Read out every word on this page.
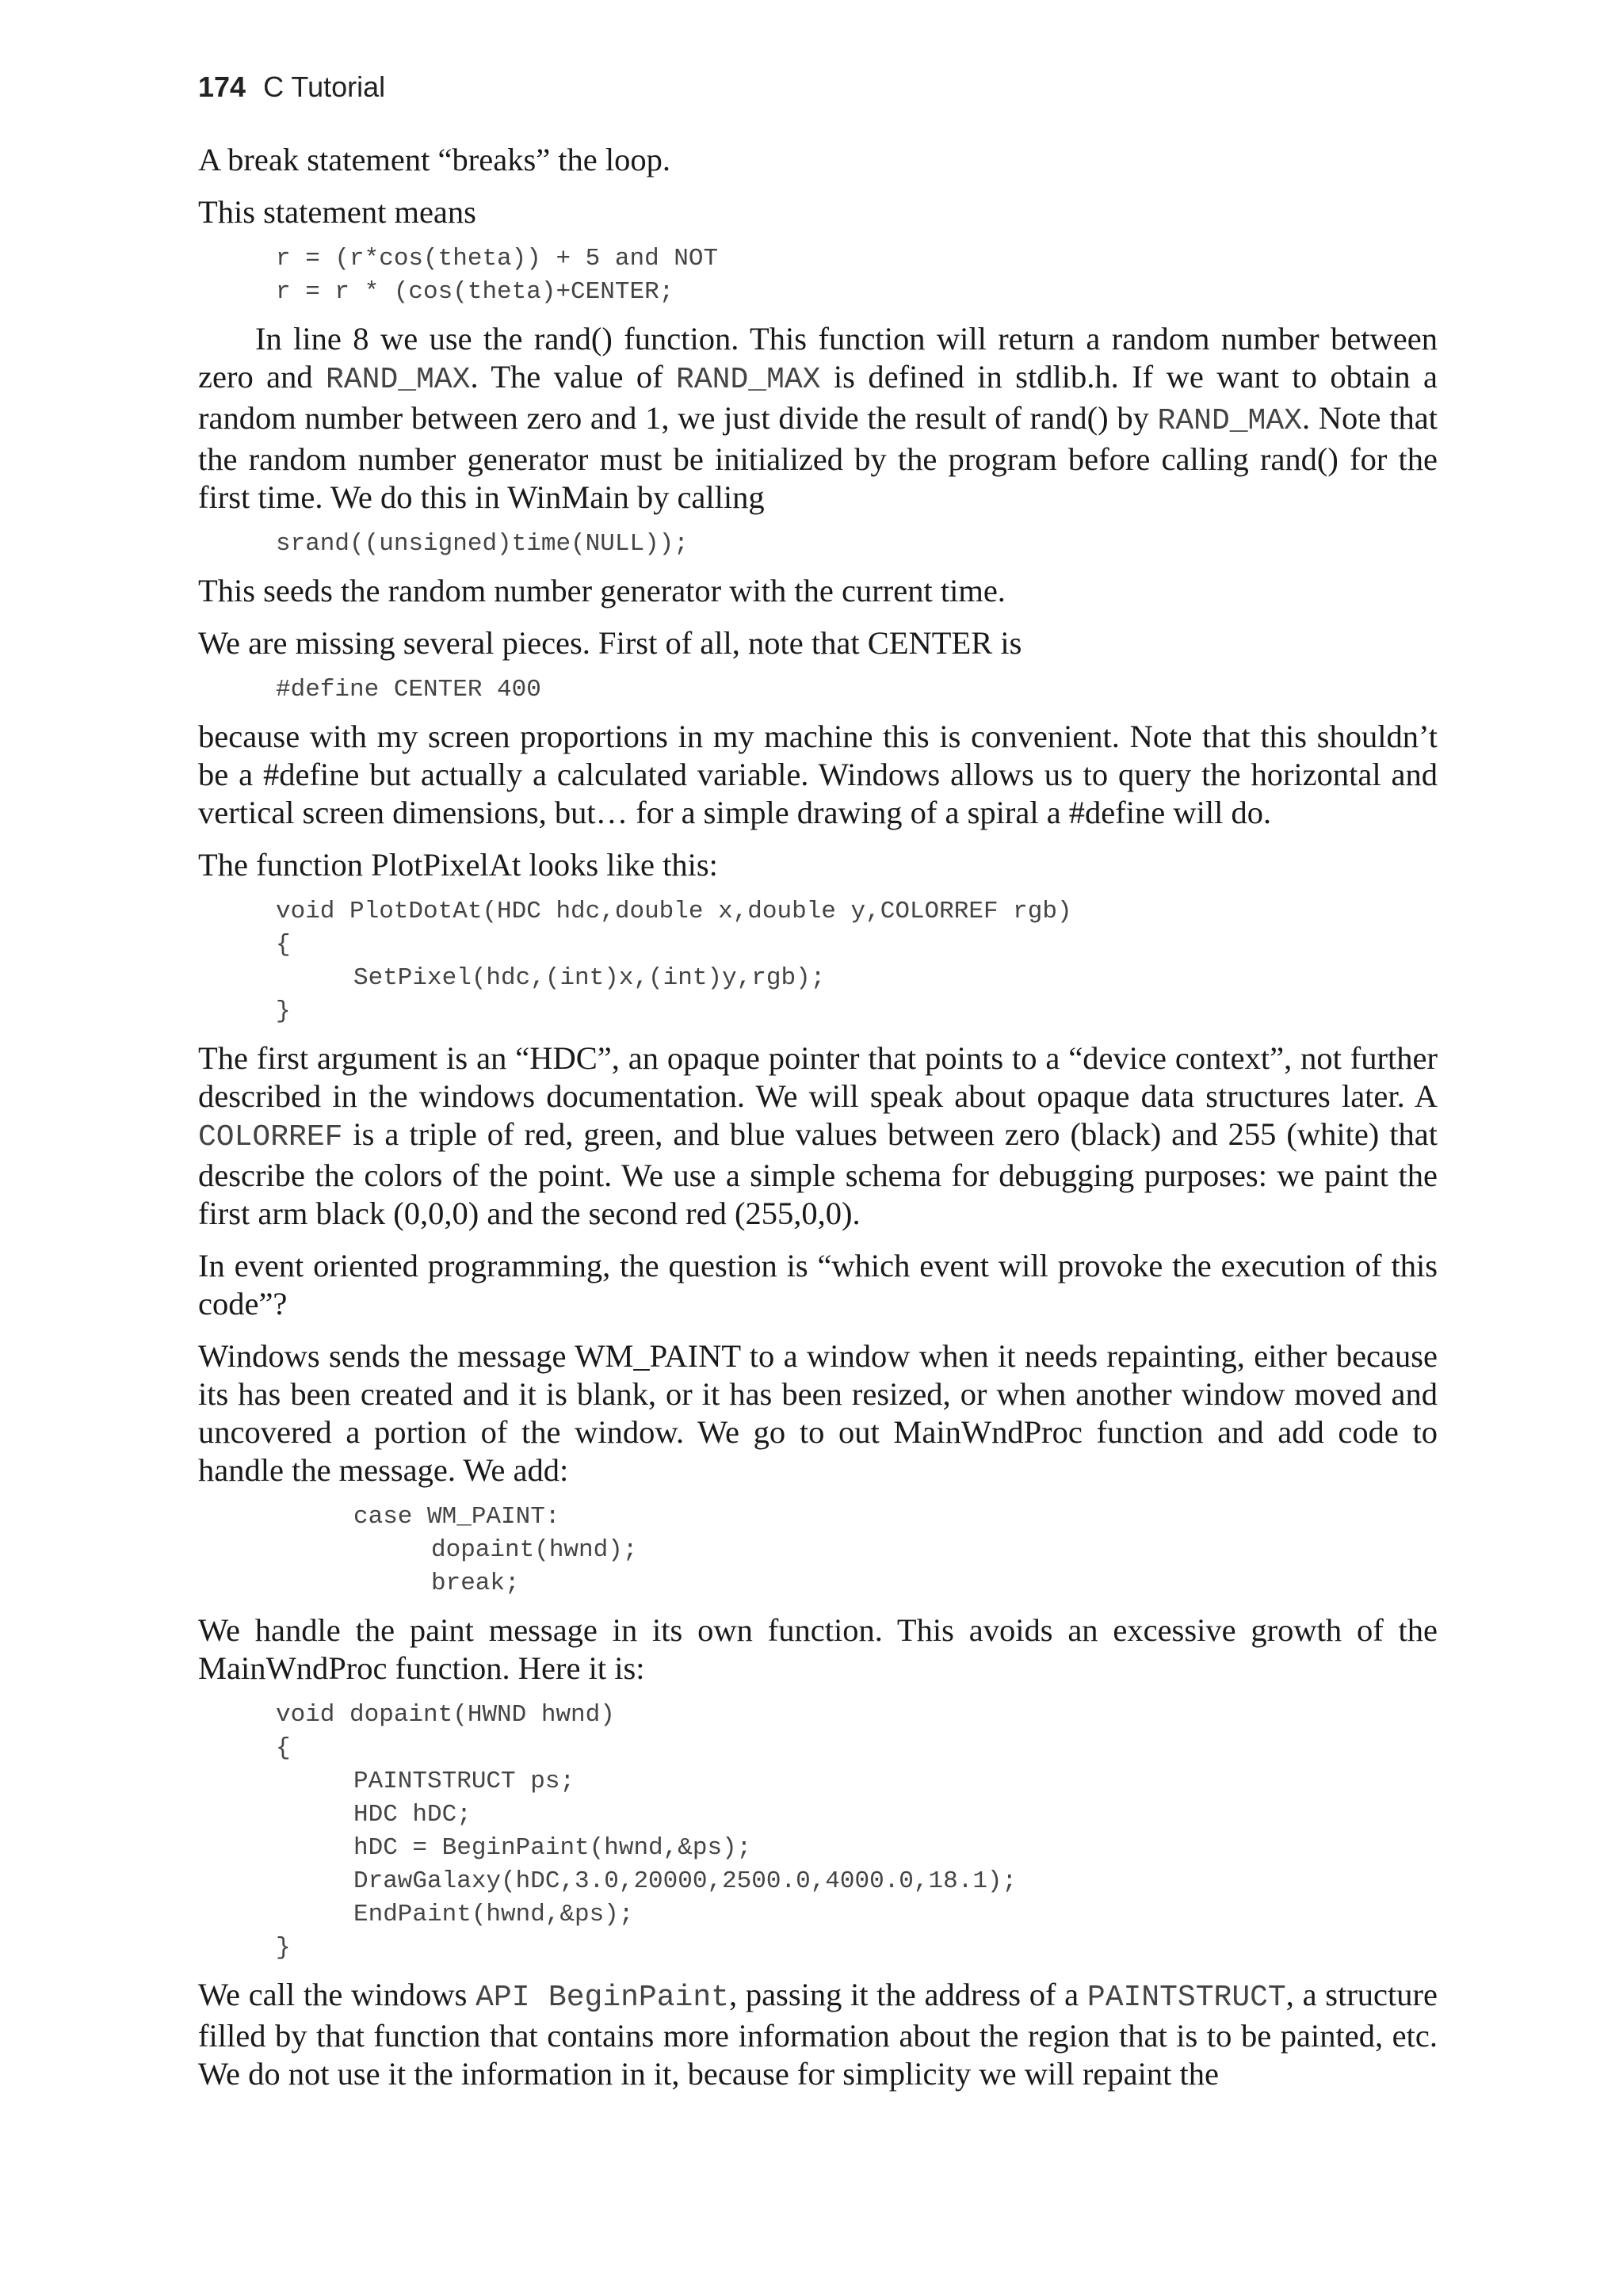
174 C Tutorial

A break statement “breaks” the loop.

This statement means

r = (r*cos(theta)) + 5 and NOT
r = r * (cos(theta)+CENTER;

In line 8 we use the rand() function. This function will return a random number between zero and RAND_MAX. The value of RAND_MAX is defined in stdlib.h. If we want to obtain a random number between zero and 1, we just divide the result of rand() by RAND_MAX. Note that the random number generator must be initialized by the program before calling rand() for the first time. We do this in WinMain by calling

srand((unsigned)time(NULL));

This seeds the random number generator with the current time.

We are missing several pieces. First of all, note that CENTER is

#define CENTER 400

because with my screen proportions in my machine this is convenient. Note that this shouldn’t be a #define but actually a calculated variable. Windows allows us to query the horizontal and vertical screen dimensions, but… for a simple drawing of a spiral a #define will do.

The function PlotPixelAt looks like this:

void PlotDotAt(HDC hdc,double x,double y,COLORREF rgb)
{
SetPixel(hdc,(int)x,(int)y,rgb);
}

The first argument is an “HDC”, an opaque pointer that points to a “device context”, not further described in the windows documentation. We will speak about opaque data structures later. A COLORREF is a triple of red, green, and blue values between zero (black) and 255 (white) that describe the colors of the point. We use a simple schema for debugging purposes: we paint the first arm black (0,0,0) and the second red (255,0,0).

In event oriented programming, the question is “which event will provoke the execution of this code”?

Windows sends the message WM_PAINT to a window when it needs repainting, either because its has been created and it is blank, or it has been resized, or when another window moved and uncovered a portion of the window. We go to out MainWndProc function and add code to handle the message. We add:

case WM_PAINT:
dopaint(hwnd);
break;

We handle the paint message in its own function. This avoids an excessive growth of the MainWndProc function. Here it is:

void dopaint(HWND hwnd)
{
PAINTSTRUCT ps;
HDC hDC;
hDC = BeginPaint(hwnd,&ps);
DrawGalaxy(hDC,3.0,20000,2500.0,4000.0,18.1);
EndPaint(hwnd,&ps);
}

We call the windows API BeginPaint, passing it the address of a PAINTSTRUCT, a structure filled by that function that contains more information about the region that is to be painted, etc. We do not use it the information in it, because for simplicity we will repaint the
